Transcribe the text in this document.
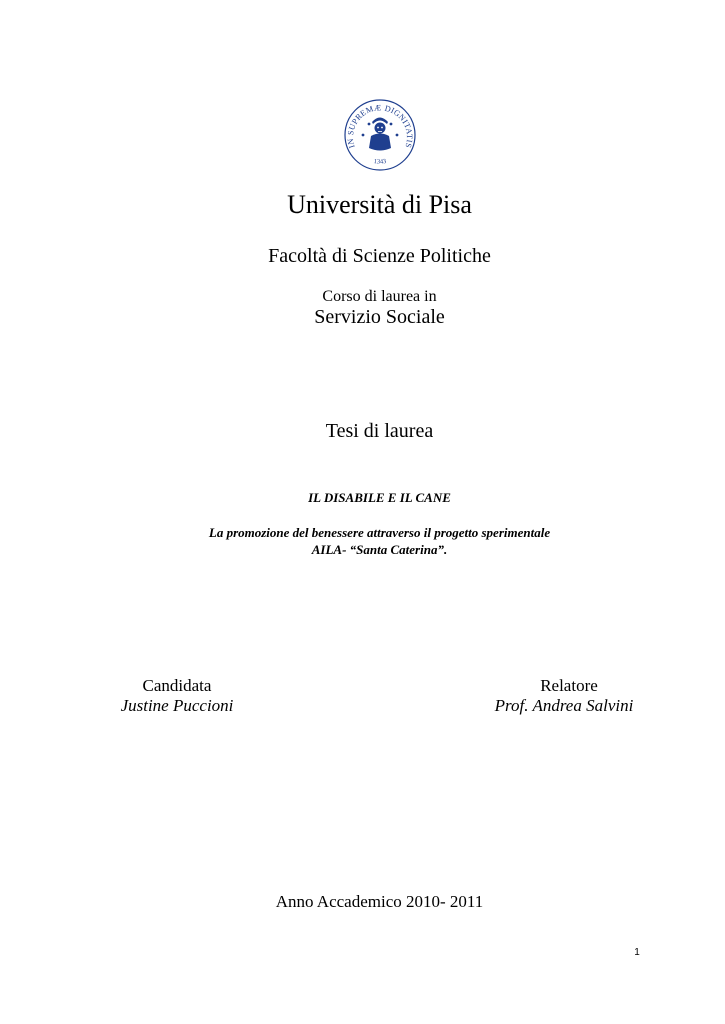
IN SUPREMÆ DIGNITATIS
1343
Università di Pisa
Facoltà di Scienze Politiche
Corso di laurea in
Servizio Sociale
Tesi di laurea
IL DISABILE E IL CANE
La promozione del benessere attraverso il progetto sperimentale
AILA- “Santa Caterina”.
Candidata
Justine Puccioni
Relatore
Prof. Andrea Salvini
Anno Accademico 2010- 2011
1
